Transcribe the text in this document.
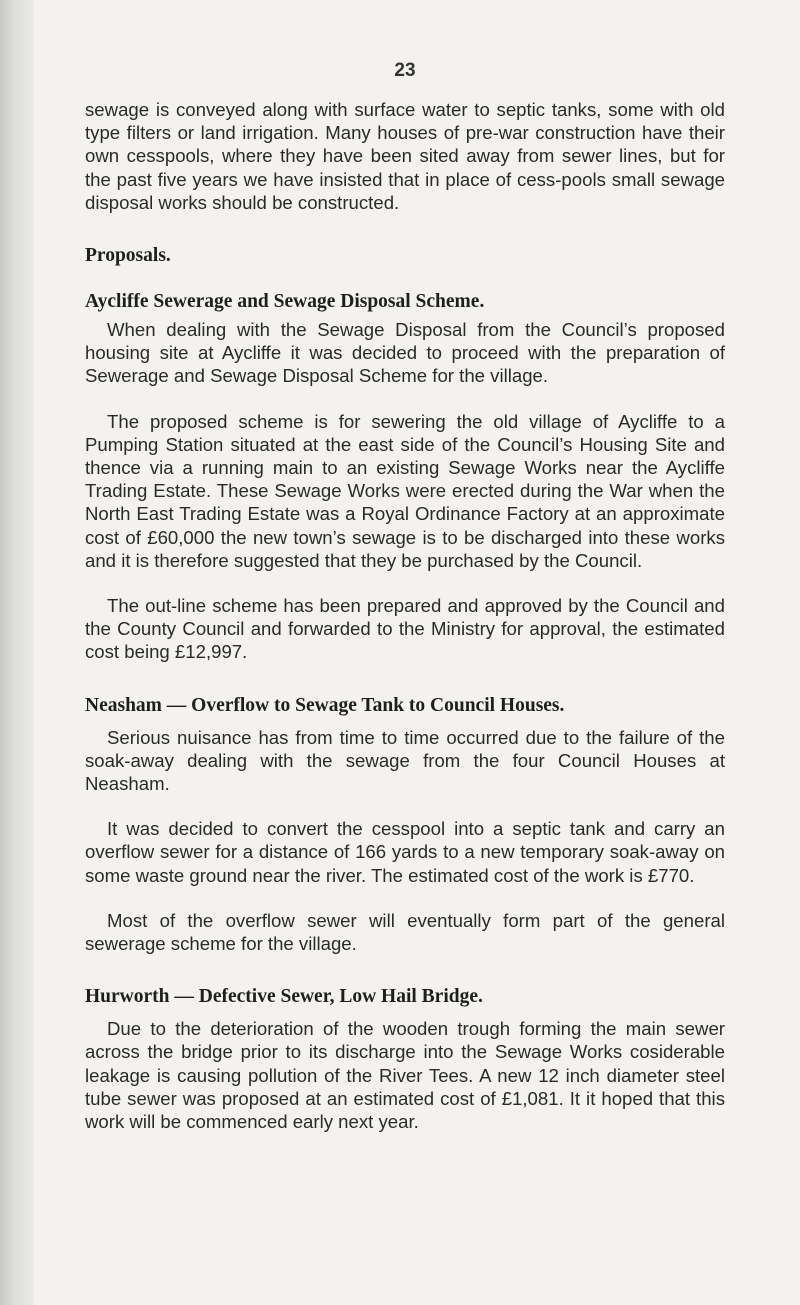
23

sewage is conveyed along with surface water to septic tanks, some with old type filters or land irrigation. Many houses of pre-war construction have their own cesspools, where they have been sited away from sewer lines, but for the past five years we have insisted that in place of cess-pools small sewage disposal works should be constructed.

Proposals.
Aycliffe Sewerage and Sewage Disposal Scheme.

When dealing with the Sewage Disposal from the Council’s proposed housing site at Aycliffe it was decided to proceed with the preparation of Sewerage and Sewage Disposal Scheme for the village.

The proposed scheme is for sewering the old village of Aycliffe to a Pumping Station situated at the east side of the Council’s Housing Site and thence via a running main to an existing Sewage Works near the Aycliffe Trading Estate. These Sewage Works were erected during the War when the North East Trading Estate was a Royal Ordinance Factory at an approximate cost of £60,000 the new town’s sewage is to be discharged into these works and it is therefore suggested that they be purchased by the Council.

The out-line scheme has been prepared and approved by the Council and the County Council and forwarded to the Ministry for approval, the estimated cost being £12,997.

Neasham — Overflow to Sewage Tank to Council Houses.

Serious nuisance has from time to time occurred due to the failure of the soak-away dealing with the sewage from the four Council Houses at Neasham.

It was decided to convert the cesspool into a septic tank and carry an overflow sewer for a distance of 166 yards to a new temporary soak-away on some waste ground near the river. The estimated cost of the work is £770.

Most of the overflow sewer will eventually form part of the general sewerage scheme for the village.

Hurworth — Defective Sewer, Low Hail Bridge.

Due to the deterioration of the wooden trough forming the main sewer across the bridge prior to its discharge into the Sewage Works cosiderable leakage is causing pollution of the River Tees. A new 12 inch diameter steel tube sewer was proposed at an estimated cost of £1,081. It it hoped that this work will be commenced early next year.
